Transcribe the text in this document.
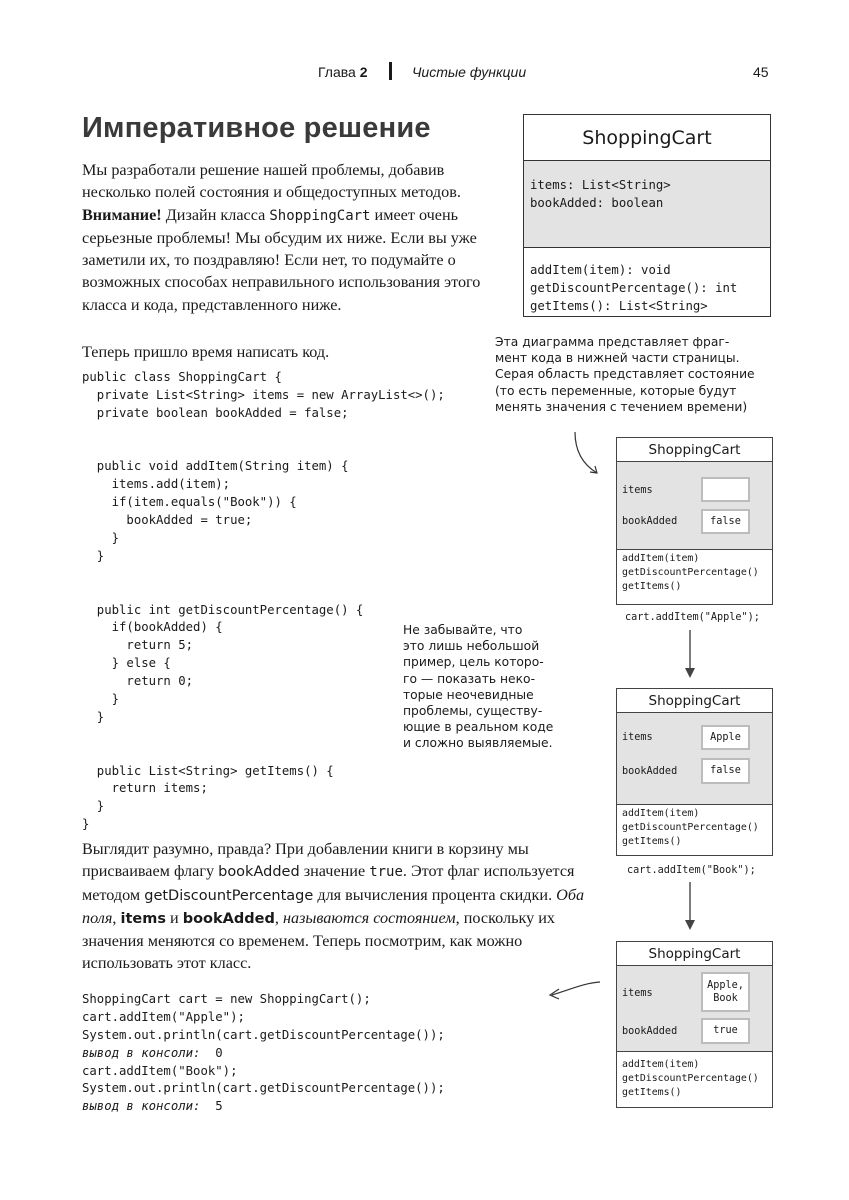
Глава 2	Чистые функции	45
Императивное решение
Мы разработали решение нашей проблемы, добавив несколько полей состояния и общедоступных методов. Внимание! Дизайн класса ShoppingCart имеет очень серьезные проблемы! Мы обсудим их ниже. Если вы уже заметили их, то поздравляю! Если нет, то подумайте о возможных способах неправильного использования этого класса и кода, представленного ниже.
Теперь пришло время написать код.
public class ShoppingCart {
private List<String> items = new ArrayList<>();
private boolean bookAdded = false;
public void addItem(String item) {
items.add(item);
if(item.equals("Book")) {
bookAdded = true;
}
}
public int getDiscountPercentage() {
if(bookAdded) {
return 5;
} else {
return 0;
}
}
public List<String> getItems() {
return items;
}
}
Выглядит разумно, правда? При добавлении книги в корзину мы присваиваем флагу bookAdded значение true. Этот флаг используется методом getDiscountPercentage для вычисления процента скидки. Оба поля, items и bookAdded, называются состоянием, поскольку их значения меняются со временем. Теперь посмотрим, как можно использовать этот класс.
ShoppingCart cart = new ShoppingCart();
cart.addItem("Apple");
System.out.println(cart.getDiscountPercentage());
вывод в консоли:  0
cart.addItem("Book");
System.out.println(cart.getDiscountPercentage());
вывод в консоли:  5
ShoppingCart
items: List<String>
bookAdded: boolean
addItem(item): void
getDiscountPercentage(): int
getItems(): List<String>
Эта диаграмма представляет фраг-
мент кода в нижней части страницы.
Серая область представляет состояние
(то есть переменные, которые будут
менять значения с течением времени)
Не забывайте, что
это лишь небольшой
пример, цель которо-
го — показать неко-
торые неочевидные
проблемы, существу-
ющие в реальном коде
и сложно выявляемые.
ShoppingCart
items
bookAdded	false
addItem(item)
getDiscountPercentage()
getItems()
cart.addItem("Apple");
ShoppingCart
items	Apple
bookAdded	false
addItem(item)
getDiscountPercentage()
getItems()
cart.addItem("Book");
ShoppingCart
items
Apple,
Book
bookAdded	true
addItem(item)
getDiscountPercentage()
getItems()
